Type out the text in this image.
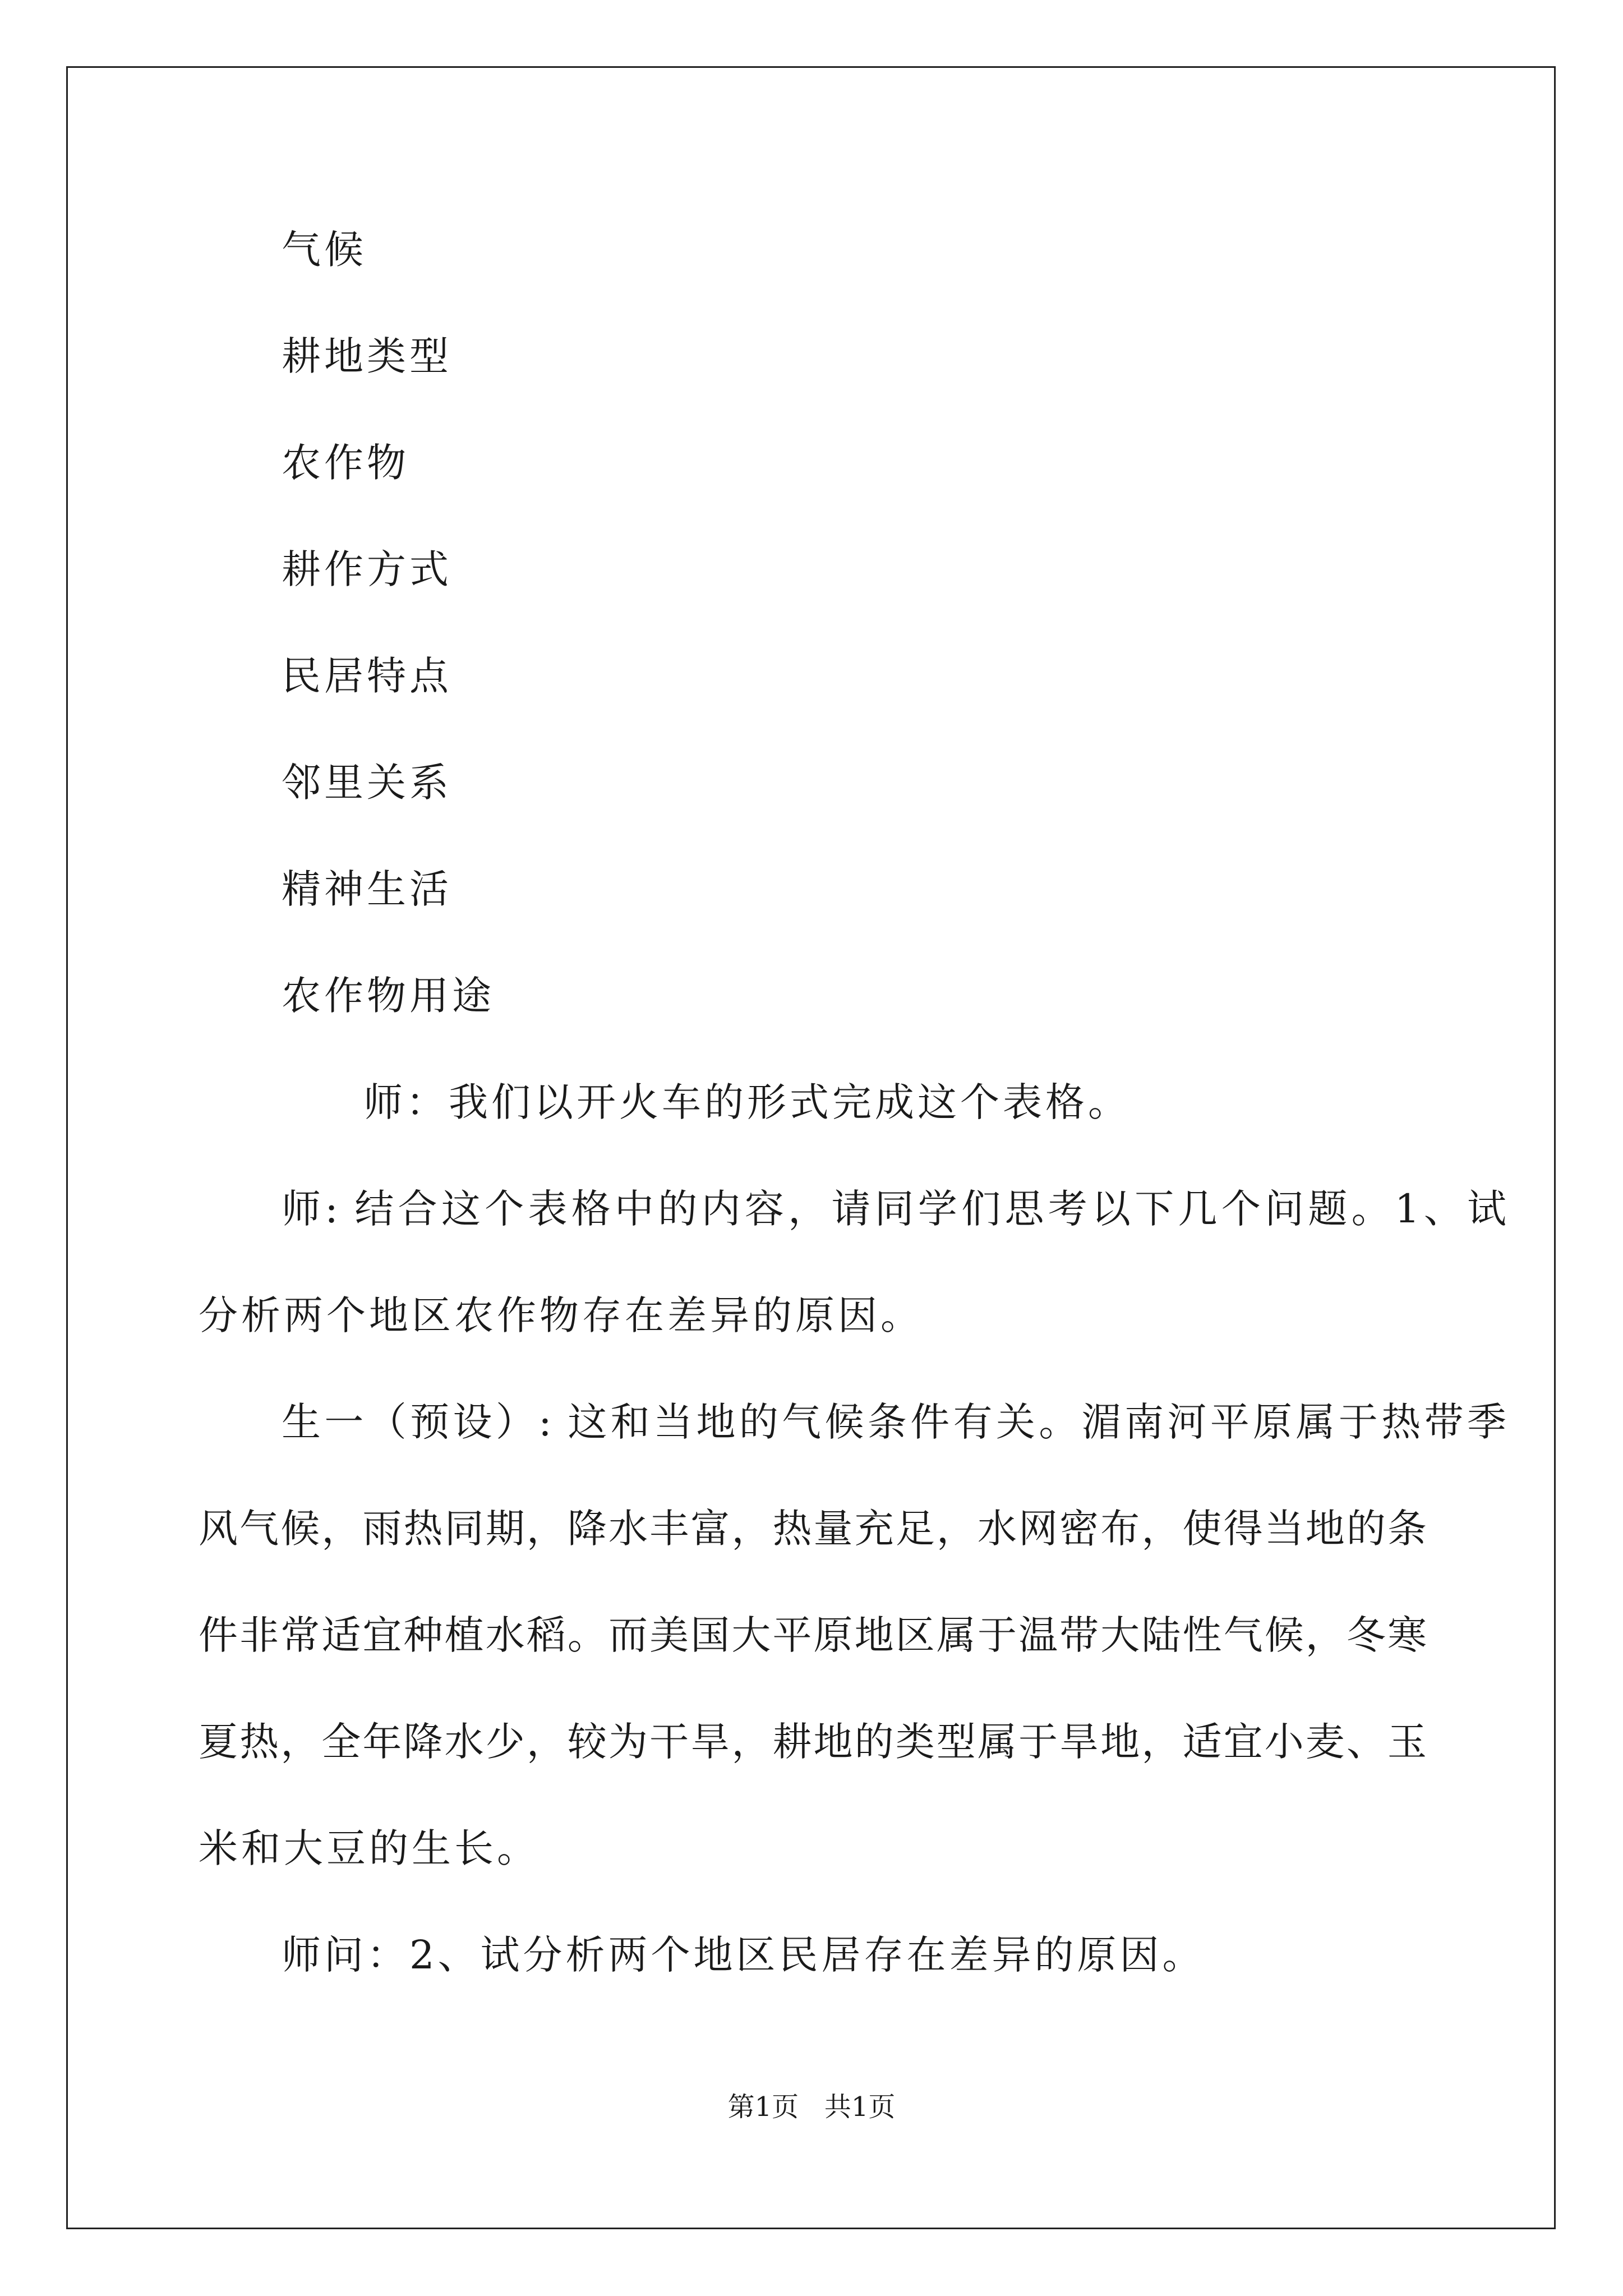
气候
耕地类型
农作物
耕作方式
民居特点
邻里关系
精神生活
农作物用途
师：我们以开火车的形式完成这个表格。
师: 结合这个表格中的内容，请同学们思考以下几个问题。1、试
分析两个地区农作物存在差异的原因。
生一（预设）: 这和当地的气候条件有关。湄南河平原属于热带季
风气候，雨热同期，降水丰富，热量充足，水网密布，使得当地的条
件非常适宜种植水稻。而美国大平原地区属于温带大陆性气候，冬寒
夏热，全年降水少，较为干旱，耕地的类型属于旱地，适宜小麦、玉
米和大豆的生长。
师问：2、试分析两个地区民居存在差异的原因。
第1页   共1页
